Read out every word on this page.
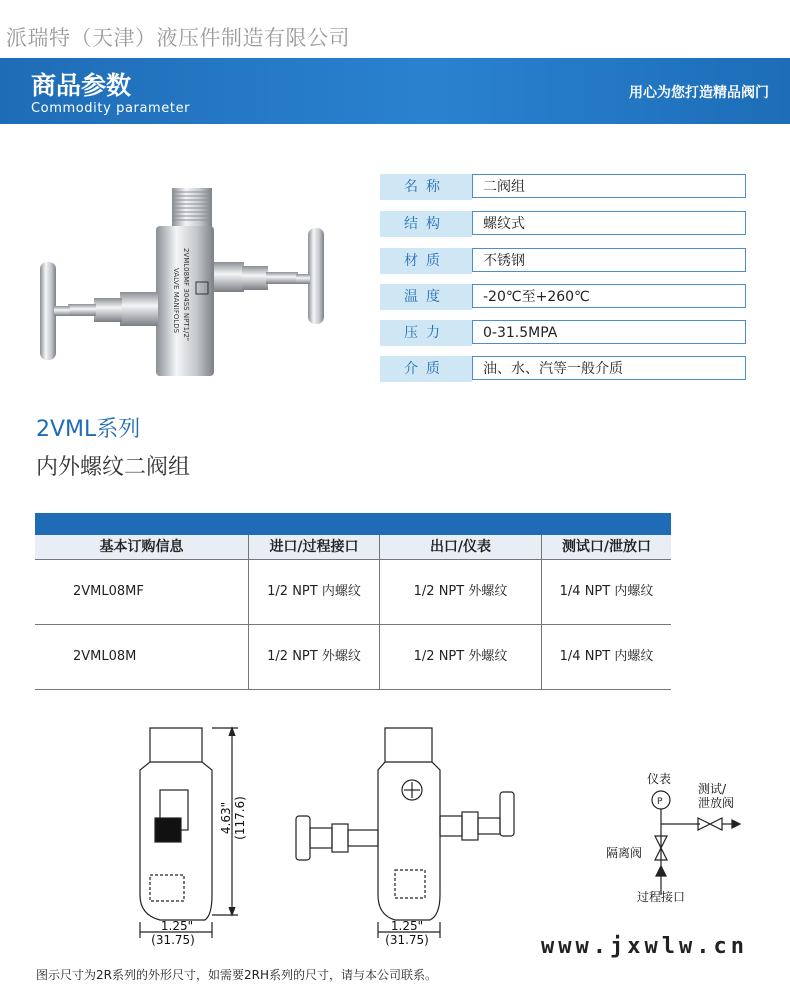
派瑞特（天津）液压件制造有限公司
商品参数
Commodity parameter
用心为您打造精品阀门
VALVE MANIFOLDS 2VML08MF 304SS NPT1/2"
名称	二阀组
结构	螺纹式
材质	不锈钢
温度	-20℃至+260℃
压力	0-31.5MPA
介质	油、水、汽等一般介质
2VML系列
内外螺纹二阀组
基本订购信息	进口/过程接口	出口/仪表	测试口/泄放口
2VML08MF	1/2 NPT 内螺纹	1/2 NPT 外螺纹	1/4 NPT 内螺纹
2VML08M	1/2 NPT 外螺纹	1/2 NPT 外螺纹	1/4 NPT 内螺纹
P
4.63" (117.6)
1.25"
(31.75)
1.25"
(31.75)
仪表
测试/
泄放阀
隔离阀
过程接口
www.jxwlw.cn
图示尺寸为2R系列的外形尺寸，如需要2RH系列的尺寸，请与本公司联系。
